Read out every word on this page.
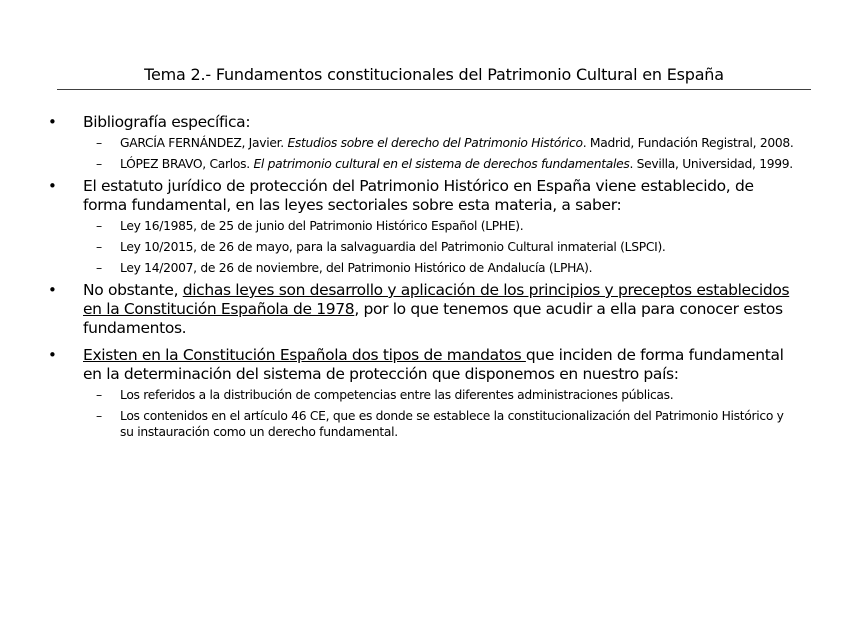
Tema 2.- Fundamentos constitucionales del Patrimonio Cultural en España
• Bibliografía específica:
– GARCÍA FERNÁNDEZ, Javier. Estudios sobre el derecho del Patrimonio Histórico. Madrid, Fundación Registral, 2008.
– LÓPEZ BRAVO, Carlos. El patrimonio cultural en el sistema de derechos fundamentales. Sevilla, Universidad, 1999.
• El estatuto jurídico de protección del Patrimonio Histórico en España viene establecido, de forma fundamental, en las leyes sectoriales sobre esta materia, a saber:
– Ley 16/1985, de 25 de junio del Patrimonio Histórico Español (LPHE).
– Ley 10/2015, de 26 de mayo, para la salvaguardia del Patrimonio Cultural inmaterial (LSPCI).
– Ley 14/2007, de 26 de noviembre, del Patrimonio Histórico de Andalucía (LPHA).
• No obstante, dichas leyes son desarrollo y aplicación de los principios y preceptos establecidos en la Constitución Española de 1978, por lo que tenemos que acudir a ella para conocer estos fundamentos.
• Existen en la Constitución Española dos tipos de mandatos que inciden de forma fundamental en la determinación del sistema de protección que disponemos en nuestro país:
– Los referidos a la distribución de competencias entre las diferentes administraciones públicas.
– Los contenidos en el artículo 46 CE, que es donde se establece la constitucionalización del Patrimonio Histórico y su instauración como un derecho fundamental.
